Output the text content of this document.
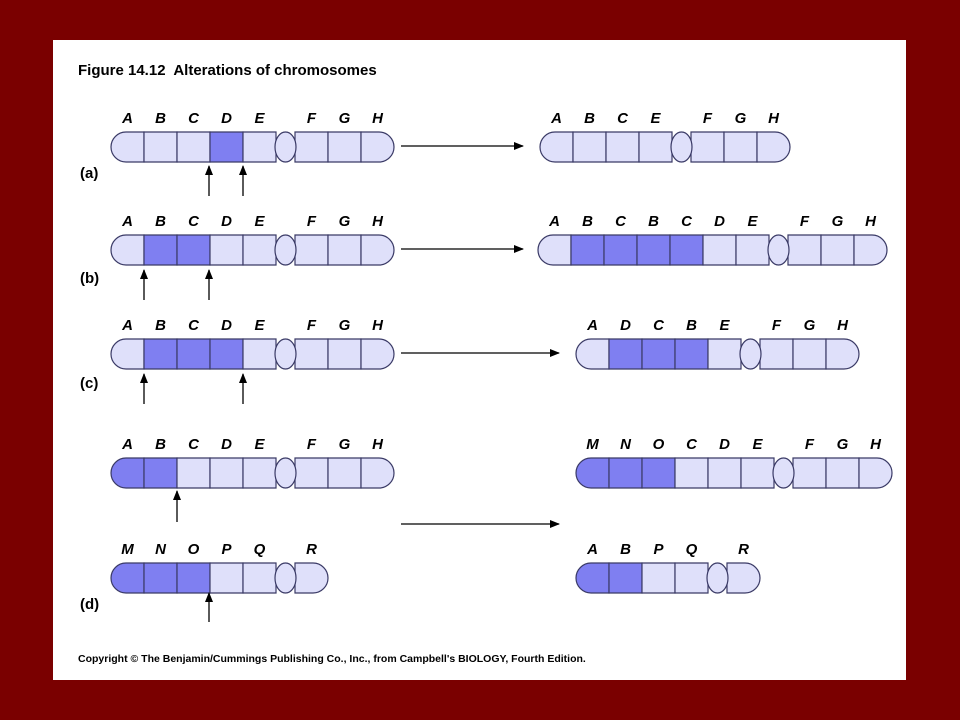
Figure 14.12 Alterations of chromosomes
(a)
(b)
(c)
(d)
A B C D E	F G H	A B C E	F G H
A B C D E	F G H	A B C B C D E	F G H
A B C D E	F G H	A D C B E	F G H
A B C D E	F G H
M N O P Q	R
M N O C D E	F G H
A B P Q	R
Copyright © The Benjamin/Cummings Publishing Co., Inc., from Campbell's BIOLOGY, Fourth Edition.
